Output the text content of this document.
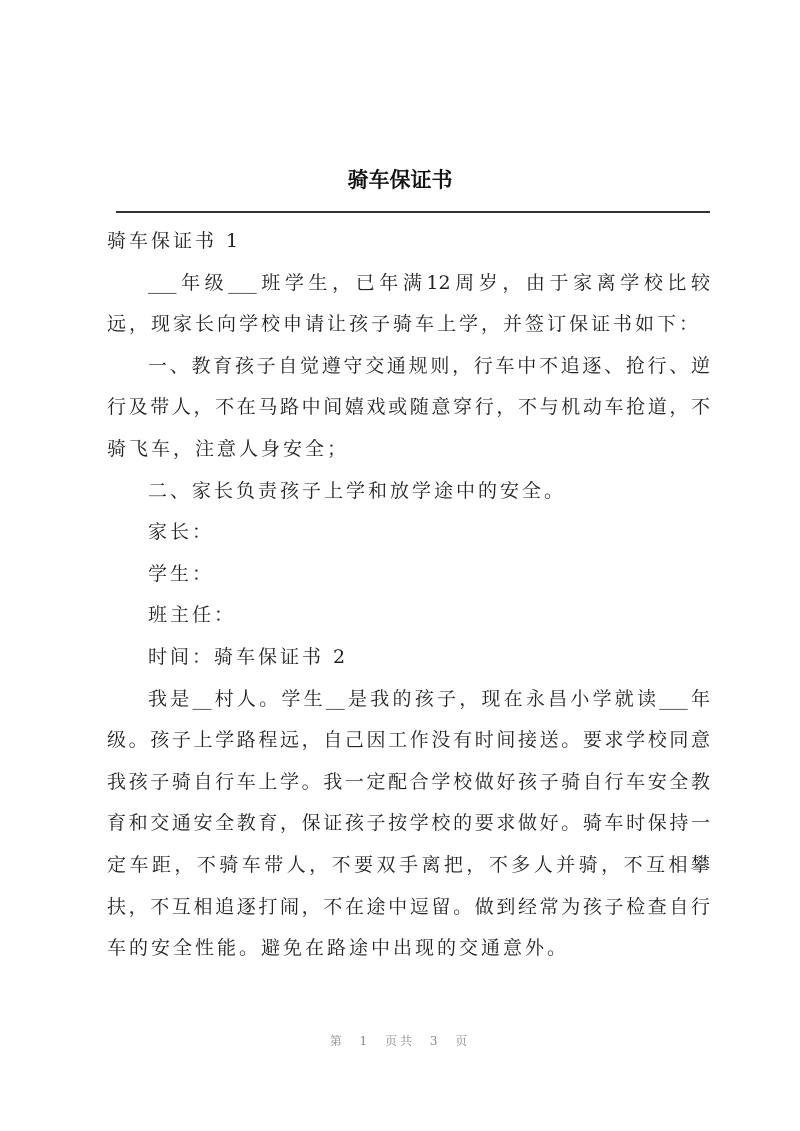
骑车保证书
骑车保证书 1
___年级___班学生，已年满12周岁，由于家离学校比较
远，现家长向学校申请让孩子骑车上学，并签订保证书如下：
一、教育孩子自觉遵守交通规则，行车中不追逐、抢行、逆
行及带人，不在马路中间嬉戏或随意穿行，不与机动车抢道，不
骑飞车，注意人身安全；
二、家长负责孩子上学和放学途中的安全。
家长：
学生：
班主任：
时间：骑车保证书 2
我是__村人。学生__是我的孩子，现在永昌小学就读___年
级。孩子上学路程远，自己因工作没有时间接送。要求学校同意
我孩子骑自行车上学。我一定配合学校做好孩子骑自行车安全教
育和交通安全教育，保证孩子按学校的要求做好。骑车时保持一
定车距，不骑车带人，不要双手离把，不多人并骑，不互相攀
扶，不互相追逐打闹，不在途中逗留。做到经常为孩子检查自行
车的安全性能。避免在路途中出现的交通意外。
第 1 页共 3 页
